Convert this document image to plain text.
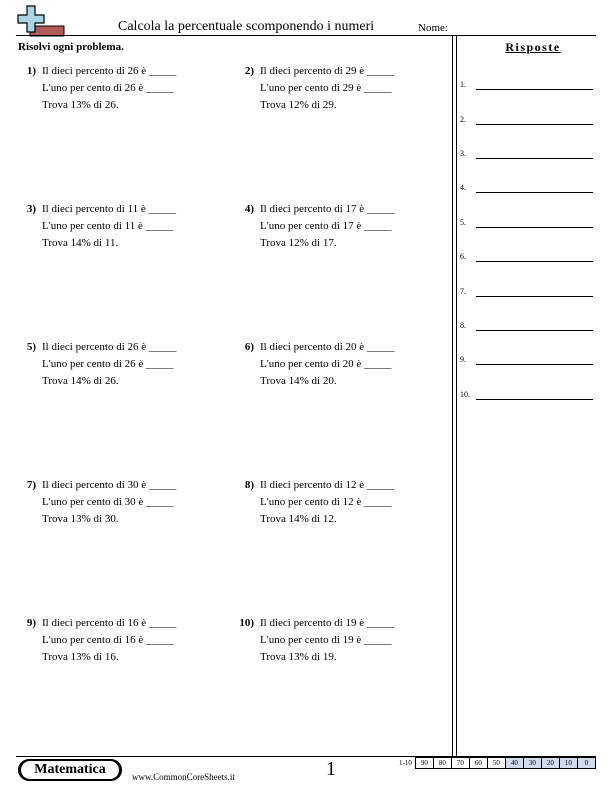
Calcola la percentuale scomponendo i numeri	Nome:
Risolvi ogni problema.	Risposte
1.
2.
3.
4.
5.
6.
7.
8.
9.
10.
1) Il dieci percento di 26 è _____
L'uno per cento di 26 è _____
Trova 13% di 26.
2) Il dieci percento di 29 è _____
L'uno per cento di 29 è _____
Trova 12% di 29.
3) Il dieci percento di 11 è _____
L'uno per cento di 11 è _____
Trova 14% di 11.
4) Il dieci percento di 17 è _____
L'uno per cento di 17 è _____
Trova 12% di 17.
5) Il dieci percento di 26 è _____
L'uno per cento di 26 è _____
Trova 14% di 26.
6) Il dieci percento di 20 è _____
L'uno per cento di 20 è _____
Trova 14% di 20.
7) Il dieci percento di 30 è _____
L'uno per cento di 30 è _____
Trova 13% di 30.
8) Il dieci percento di 12 è _____
L'uno per cento di 12 è _____
Trova 14% di 12.
9) Il dieci percento di 16 è _____
L'uno per cento di 16 è _____
Trova 13% di 16.
10) Il dieci percento di 19 è _____
L'uno per cento di 19 è _____
Trova 13% di 19.
Matematica	www.CommonCoreSheets.it	1	1-10	90	80	70	60	50	40	30	20	10	0
